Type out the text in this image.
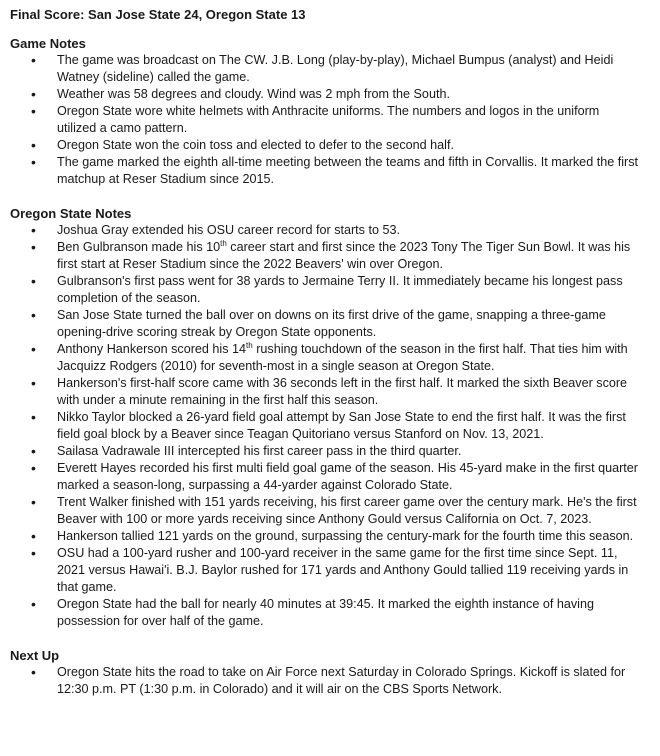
Final Score: San Jose State 24, Oregon State 13
Game Notes
• The game was broadcast on The CW. J.B. Long (play-by-play), Michael Bumpus (analyst) and Heidi Watney (sideline) called the game.
• Weather was 58 degrees and cloudy. Wind was 2 mph from the South.
• Oregon State wore white helmets with Anthracite uniforms. The numbers and logos in the uniform utilized a camo pattern.
• Oregon State won the coin toss and elected to defer to the second half.
• The game marked the eighth all-time meeting between the teams and fifth in Corvallis. It marked the first matchup at Reser Stadium since 2015.
Oregon State Notes
• Joshua Gray extended his OSU career record for starts to 53.
• Ben Gulbranson made his 10th career start and first since the 2023 Tony The Tiger Sun Bowl. It was his first start at Reser Stadium since the 2022 Beavers' win over Oregon.
• Gulbranson's first pass went for 38 yards to Jermaine Terry II. It immediately became his longest pass completion of the season.
• San Jose State turned the ball over on downs on its first drive of the game, snapping a three-game opening-drive scoring streak by Oregon State opponents.
• Anthony Hankerson scored his 14th rushing touchdown of the season in the first half. That ties him with Jacquizz Rodgers (2010) for seventh-most in a single season at Oregon State.
• Hankerson's first-half score came with 36 seconds left in the first half. It marked the sixth Beaver score with under a minute remaining in the first half this season.
• Nikko Taylor blocked a 26-yard field goal attempt by San Jose State to end the first half. It was the first field goal block by a Beaver since Teagan Quitoriano versus Stanford on Nov. 13, 2021.
• Sailasa Vadrawale III intercepted his first career pass in the third quarter.
• Everett Hayes recorded his first multi field goal game of the season. His 45-yard make in the first quarter marked a season-long, surpassing a 44-yarder against Colorado State.
• Trent Walker finished with 151 yards receiving, his first career game over the century mark. He's the first Beaver with 100 or more yards receiving since Anthony Gould versus California on Oct. 7, 2023.
• Hankerson tallied 121 yards on the ground, surpassing the century-mark for the fourth time this season.
• OSU had a 100-yard rusher and 100-yard receiver in the same game for the first time since Sept. 11, 2021 versus Hawai'i. B.J. Baylor rushed for 171 yards and Anthony Gould tallied 119 receiving yards in that game.
• Oregon State had the ball for nearly 40 minutes at 39:45. It marked the eighth instance of having possession for over half of the game.
Next Up
• Oregon State hits the road to take on Air Force next Saturday in Colorado Springs. Kickoff is slated for 12:30 p.m. PT (1:30 p.m. in Colorado) and it will air on the CBS Sports Network.
